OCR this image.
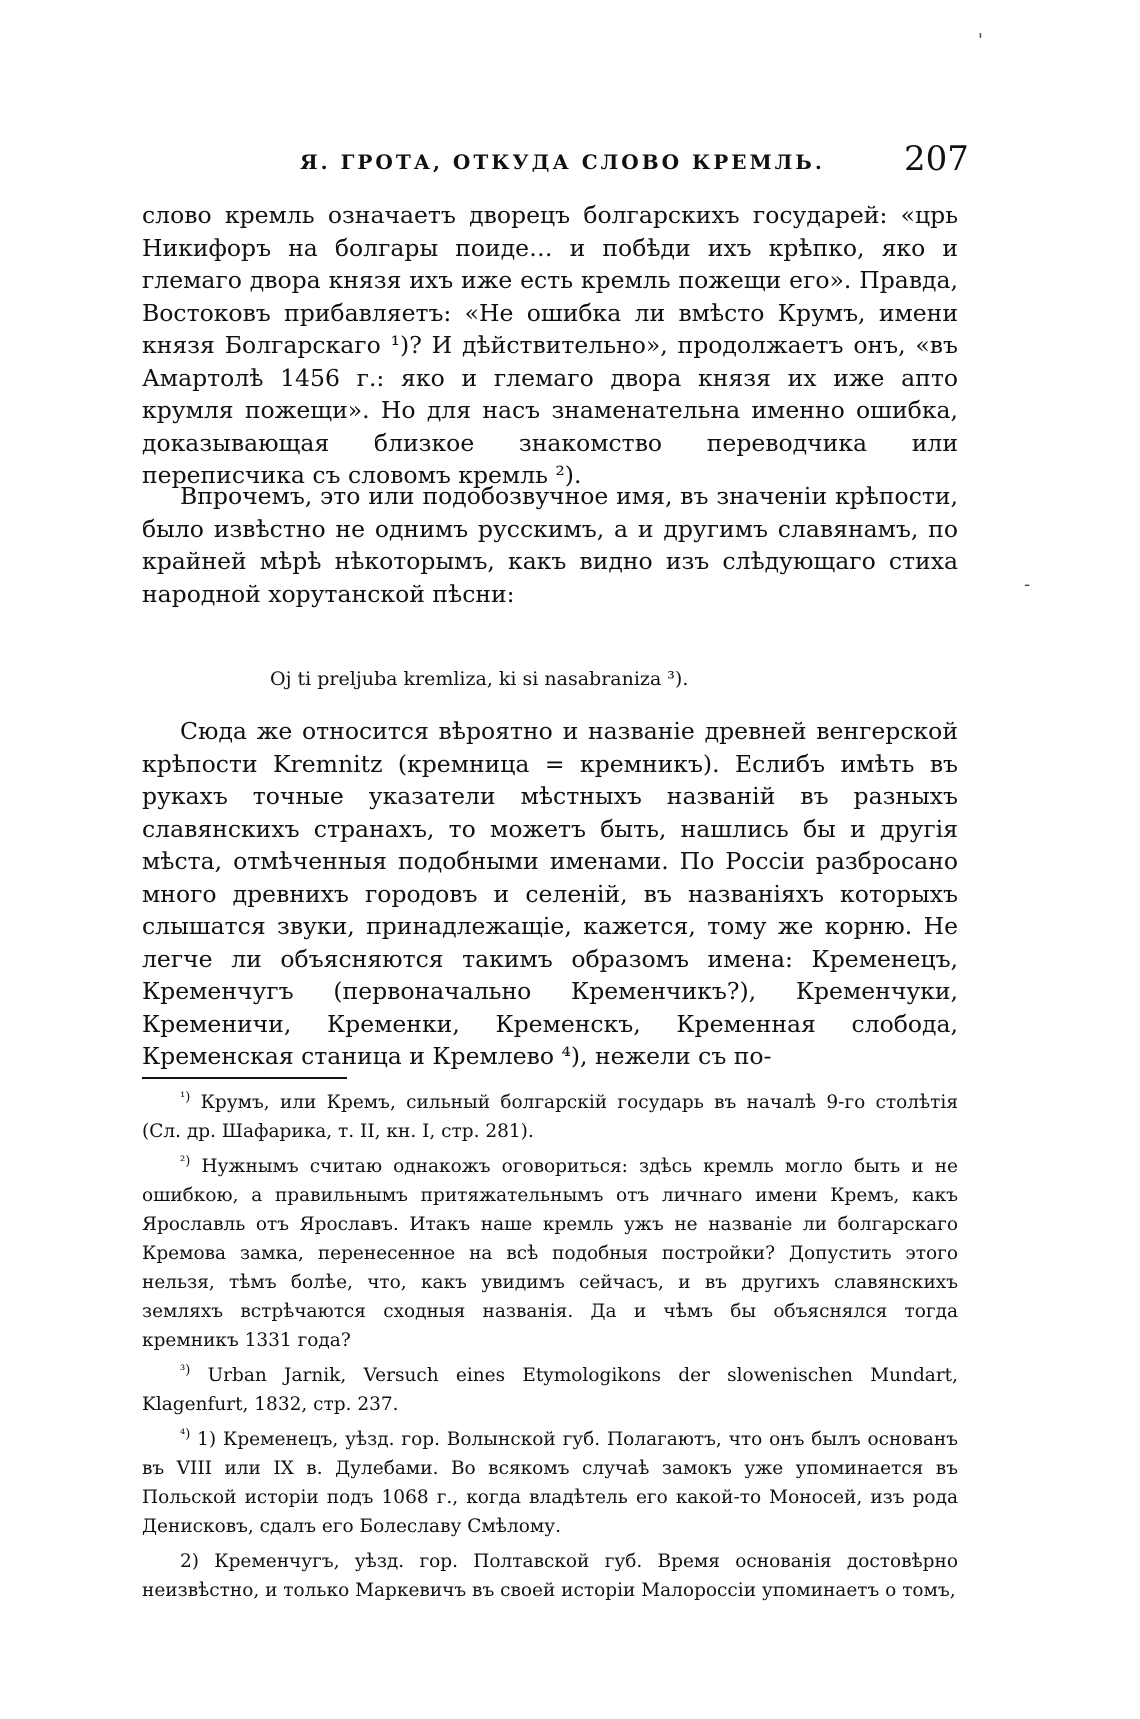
Я. ГРОТА, ОТКУДА СЛОВО КРЕМЛЬ. 207

слово кремль означаетъ дворецъ болгарскихъ государей: «црь Никифоръ на болгары поиде… и побѣди ихъ крѣпко, яко и глемаго двора князя ихъ иже есть кремль пожещи его». Правда, Востоковъ прибавляетъ: «Не ошибка ли вмѣсто Крумъ, имени князя Болгарскаго ¹)? И дѣйствительно», продолжаетъ онъ, «въ Амартолѣ 1456 г.: яко и глемаго двора князя их иже апто крумля пожещи». Но для насъ знаменательна именно ошибка, доказывающая близкое знакомство переводчика или переписчика съ словомъ кремль ²).

Впрочемъ, это или подобозвучное имя, въ значеніи крѣпости, было извѣстно не однимъ русскимъ, а и другимъ славянамъ, по крайней мѣрѣ нѣкоторымъ, какъ видно изъ слѣдующаго стиха народной хорутанской пѣсни:

Oj ti preljuba kremliza, ki si nasabraniza ³).

Сюда же относится вѣроятно и названіе древней венгерской крѣпости Kremnitz (кремница = кремникъ). Еслибъ имѣть въ рукахъ точные указатели мѣстныхъ названій въ разныхъ славянскихъ странахъ, то можетъ быть, нашлись бы и другія мѣста, отмѣченныя подобными именами. По Россіи разбросано много древнихъ городовъ и селеній, въ названіяхъ которыхъ слышатся звуки, принадлежащіе, кажется, тому же корню. Не легче ли объясняются такимъ образомъ имена: Кременецъ, Кременчугъ (первоначально Кременчикъ?), Кременчуки, Кременичи, Кременки, Кременскъ, Кременная слобода, Кременская станица и Кремлево ⁴), нежели съ по-

$^{^1)}$ Крумъ, или Кремъ, сильный болгарскій государь въ началѣ 9-го столѣтія (Сл. др. Шафарика, т. II, кн. I, стр. 281).

$^{^2)}$ Нужнымъ считаю однакожъ оговориться: здѣсь кремль могло быть и не ошибкою, а правильнымъ притяжательнымъ отъ личнаго имени Кремъ, какъ Ярославль отъ Ярославъ. Итакъ наше кремль ужъ не названіе ли болгарскаго Кремова замка, перенесенное на всѣ подобныя постройки? Допустить этого нельзя, тѣмъ болѣе, что, какъ увидимъ сейчасъ, и въ другихъ славянскихъ земляхъ встрѣчаются сходныя названія. Да и чѣмъ бы объяснялся тогда кремникъ 1331 года?

$^{^3)}$ Urban Jarnik, Versuch eines Etymologikons der slowenischen Mundart, Klagenfurt, 1832, стр. 237.

$^{^4)}$ 1) Кременецъ, уѣзд. гор. Волынской губ. Полагаютъ, что онъ былъ основанъ въ VIII или IX в. Дулебами. Во всякомъ случаѣ замокъ уже упоминается въ Польской исторіи подъ 1068 г., когда владѣтель его какой-то Моносей, изъ рода Денисковъ, сдалъ его Болеславу Смѣлому.

2) Кременчугъ, уѣзд. гор. Полтавской губ. Время основанія достовѣрно неизвѣстно, и только Маркевичъ въ своей исторіи Малороссіи упоминаетъ о томъ,

'
-
